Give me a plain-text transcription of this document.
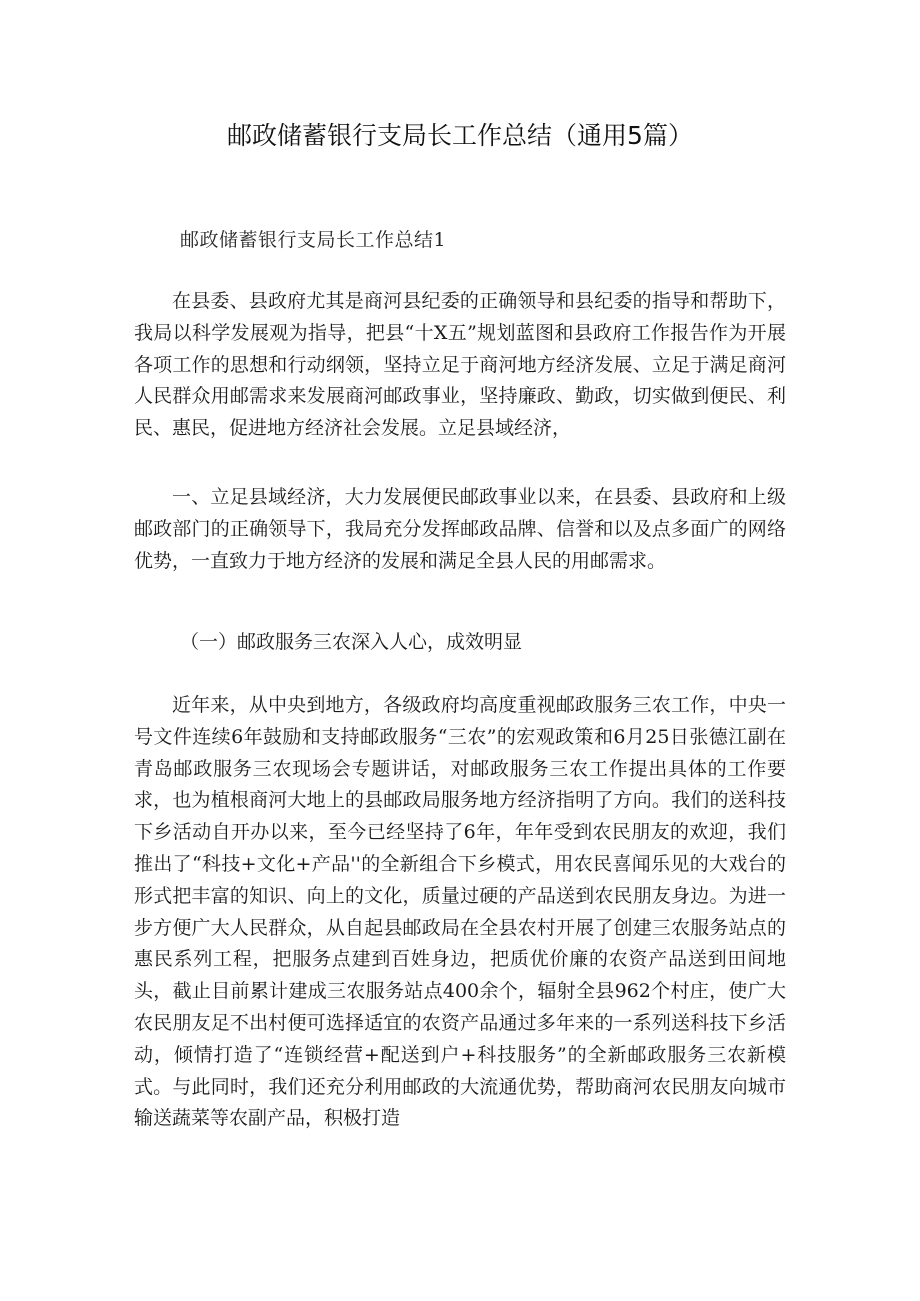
邮政储蓄银行支局长工作总结（通用5篇）
邮政储蓄银行支局长工作总结1

在县委、县政府尤其是商河县纪委的正确领导和县纪委的指导和帮助下，我局以科学发展观为指导，把县“十X五”规划蓝图和县政府工作报告作为开展各项工作的思想和行动纲领，坚持立足于商河地方经济发展、立足于满足商河人民群众用邮需求来发展商河邮政事业，坚持廉政、勤政，切实做到便民、利民、惠民，促进地方经济社会发展。立足县域经济，

一、立足县域经济，大力发展便民邮政事业以来，在县委、县政府和上级邮政部门的正确领导下，我局充分发挥邮政品牌、信誉和以及点多面广的网络优势，一直致力于地方经济的发展和满足全县人民的用邮需求。

（一）邮政服务三农深入人心，成效明显

近年来，从中央到地方，各级政府均高度重视邮政服务三农工作，中央一号文件连续6年鼓励和支持邮政服务“三农”的宏观政策和6月25日张德江副在青岛邮政服务三农现场会专题讲话，对邮政服务三农工作提出具体的工作要求，也为植根商河大地上的县邮政局服务地方经济指明了方向。我们的送科技下乡活动自开办以来，至今已经坚持了6年，年年受到农民朋友的欢迎，我们推出了“科技+文化+产品''的全新组合下乡模式，用农民喜闻乐见的大戏台的形式把丰富的知识、向上的文化，质量过硬的产品送到农民朋友身边。为进一步方便广大人民群众，从自起县邮政局在全县农村开展了创建三农服务站点的惠民系列工程，把服务点建到百姓身边，把质优价廉的农资产品送到田间地头，截止目前累计建成三农服务站点400余个，辐射全县962个村庄，使广大农民朋友足不出村便可选择适宜的农资产品通过多年来的一系列送科技下乡活动，倾情打造了“连锁经营+配送到户+科技服务”的全新邮政服务三农新模式。与此同时，我们还充分利用邮政的大流通优势，帮助商河农民朋友向城市输送蔬菜等农副产品，积极打造
